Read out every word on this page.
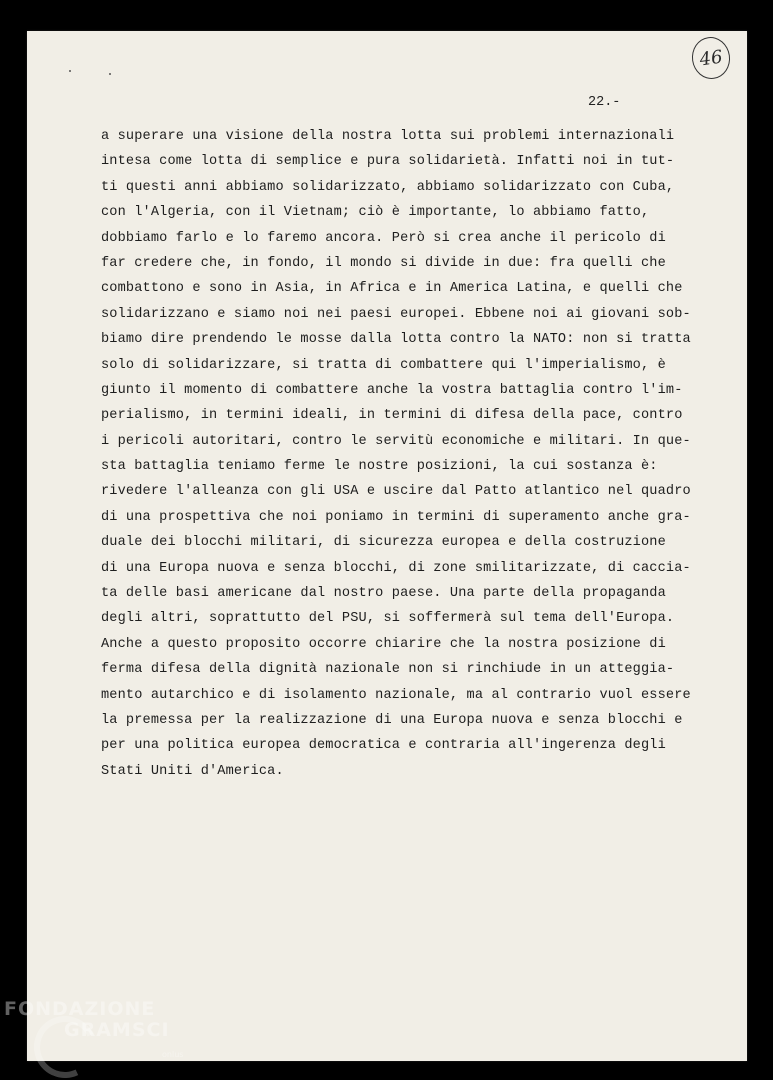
46
22.-
a superare una visione della nostra lotta sui problemi internazionali
intesa come lotta di semplice e pura solidarietà. Infatti noi in tut-
ti questi anni abbiamo solidarizzato, abbiamo solidarizzato con Cuba,
con l'Algeria, con il Vietnam; ciò è importante, lo abbiamo fatto,
dobbiamo farlo e lo faremo ancora. Però si crea anche il pericolo di
far credere che, in fondo, il mondo si divide in due: fra quelli che
combattono e sono in Asia, in Africa e in America Latina, e quelli che
solidarizzano e siamo noi nei paesi europei. Ebbene noi ai giovani sob-
biamo dire prendendo le mosse dalla lotta contro la NATO: non si tratta
solo di solidarizzare, si tratta di combattere qui l'imperialismo, è
giunto il momento di combattere anche la vostra battaglia contro l'im-
perialismo, in termini ideali, in termini di difesa della pace, contro
i pericoli autoritari, contro le servitù economiche e militari. In que-
sta battaglia teniamo ferme le nostre posizioni, la cui sostanza è:
rivedere l'alleanza con gli USA e uscire dal Patto atlantico nel quadro
di una prospettiva che noi poniamo in termini di superamento anche gra-
duale dei blocchi militari, di sicurezza europea e della costruzione
di una Europa nuova e senza blocchi, di zone smilitarizzate, di caccia-
ta delle basi americane dal nostro paese. Una parte della propaganda
degli altri, soprattutto del PSU, si soffermerà sul tema dell'Europa.
Anche a questo proposito occorre chiarire che la nostra posizione di
ferma difesa della dignità nazionale non si rinchiude in un atteggia-
mento autarchico e di isolamento nazionale, ma al contrario vuol essere
la premessa per la realizzazione di una Europa nuova e senza blocchi e
per una politica europea democratica e contraria all'ingerenza degli
Stati Uniti d'America.
FONDAZIONE
GRAMSCI
onlus
